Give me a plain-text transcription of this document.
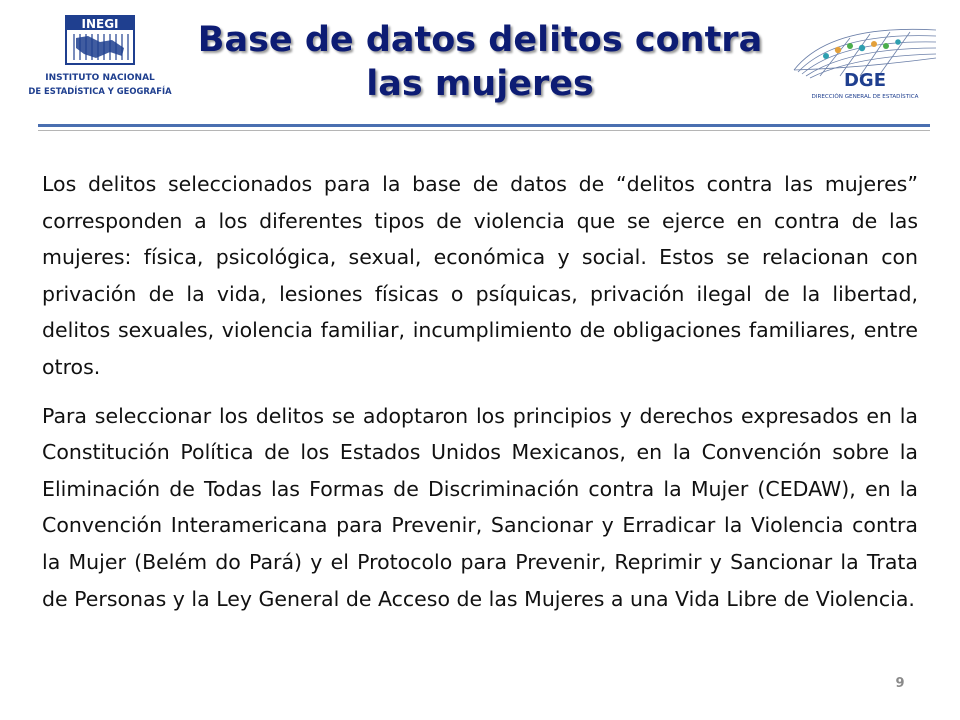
INEGI
INSTITUTO NACIONAL
DE ESTADÍSTICA Y GEOGRAFÍA
Base de datos delitos contra
las mujeres	DGE
DIRECCIÓN GENERAL DE ESTADÍSTICA

Los delitos seleccionados para la base de datos de “delitos contra las mujeres” corresponden a los diferentes tipos de violencia que se ejerce en contra de las mujeres: física, psicológica, sexual, económica y social. Estos se relacionan con privación de la vida, lesiones físicas o psíquicas, privación ilegal de la libertad, delitos sexuales, violencia familiar, incumplimiento de obligaciones familiares, entre otros.

Para seleccionar los delitos se adoptaron los principios y derechos expresados en la Constitución Política de los Estados Unidos Mexicanos, en la Convención sobre la Eliminación de Todas las Formas de Discriminación contra la Mujer (CEDAW), en la Convención Interamericana para Prevenir, Sancionar y Erradicar la Violencia contra la Mujer (Belém do Pará) y el Protocolo para Prevenir, Reprimir y Sancionar la Trata de Personas y la Ley General de Acceso de las Mujeres a una Vida Libre de Violencia.

9
